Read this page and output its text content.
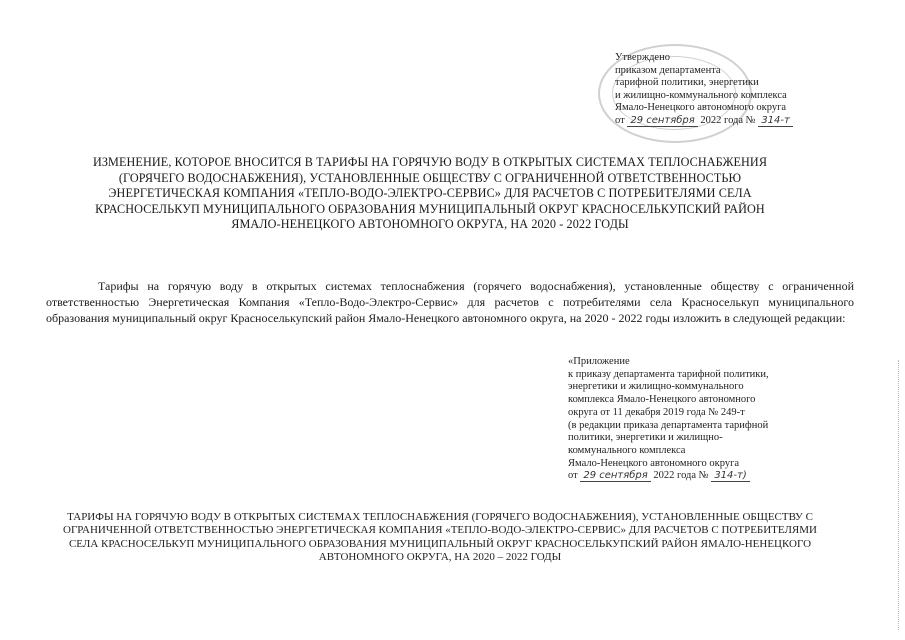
Утверждено
приказом департамента
тарифной политики, энергетики
и жилищно-коммунального комплекса
Ямало-Ненецкого автономного округа
от 29 сентября 2022 года № 314-т
ИЗМЕНЕНИЕ, КОТОРОЕ ВНОСИТСЯ В ТАРИФЫ НА ГОРЯЧУЮ ВОДУ В ОТКРЫТЫХ СИСТЕМАХ ТЕПЛОСНАБЖЕНИЯ (ГОРЯЧЕГО ВОДОСНАБЖЕНИЯ), УСТАНОВЛЕННЫЕ ОБЩЕСТВУ С ОГРАНИЧЕННОЙ ОТВЕТСТВЕННОСТЬЮ ЭНЕРГЕТИЧЕСКАЯ КОМПАНИЯ «ТЕПЛО-ВОДО-ЭЛЕКТРО-СЕРВИС» ДЛЯ РАСЧЕТОВ С ПОТРЕБИТЕЛЯМИ СЕЛА КРАСНОСЕЛЬКУП МУНИЦИПАЛЬНОГО ОБРАЗОВАНИЯ МУНИЦИПАЛЬНЫЙ ОКРУГ КРАСНОСЕЛЬКУПСКИЙ РАЙОН ЯМАЛО-НЕНЕЦКОГО АВТОНОМНОГО ОКРУГА, НА 2020 - 2022 ГОДЫ
Тарифы на горячую воду в открытых системах теплоснабжения (горячего водоснабжения), установленные обществу с ограниченной ответственностью Энергетическая Компания «Тепло-Водо-Электро-Сервис» для расчетов с потребителями села Красноселькуп муниципального образования муниципальный округ Красноселькупский район Ямало-Ненецкого автономного округа, на 2020 - 2022 годы изложить в следующей редакции:
«Приложение
к приказу департамента тарифной политики,
энергетики и жилищно-коммунального
комплекса Ямало-Ненецкого автономного
округа от 11 декабря 2019 года № 249-т
(в редакции приказа департамента тарифной
политики, энергетики и жилищно-
коммунального комплекса
Ямало-Ненецкого автономного округа
от 29 сентября 2022 года № 314-т)
ТАРИФЫ НА ГОРЯЧУЮ ВОДУ В ОТКРЫТЫХ СИСТЕМАХ ТЕПЛОСНАБЖЕНИЯ (ГОРЯЧЕГО ВОДОСНАБЖЕНИЯ), УСТАНОВЛЕННЫЕ ОБЩЕСТВУ С ОГРАНИЧЕННОЙ ОТВЕТСТВЕННОСТЬЮ ЭНЕРГЕТИЧЕСКАЯ КОМПАНИЯ «ТЕПЛО-ВОДО-ЭЛЕКТРО-СЕРВИС» ДЛЯ РАСЧЕТОВ С ПОТРЕБИТЕЛЯМИ СЕЛА КРАСНОСЕЛЬКУП МУНИЦИПАЛЬНОГО ОБРАЗОВАНИЯ МУНИЦИПАЛЬНЫЙ ОКРУГ КРАСНОСЕЛЬКУПСКИЙ РАЙОН ЯМАЛО-НЕНЕЦКОГО АВТОНОМНОГО ОКРУГА, НА 2020 – 2022 ГОДЫ
